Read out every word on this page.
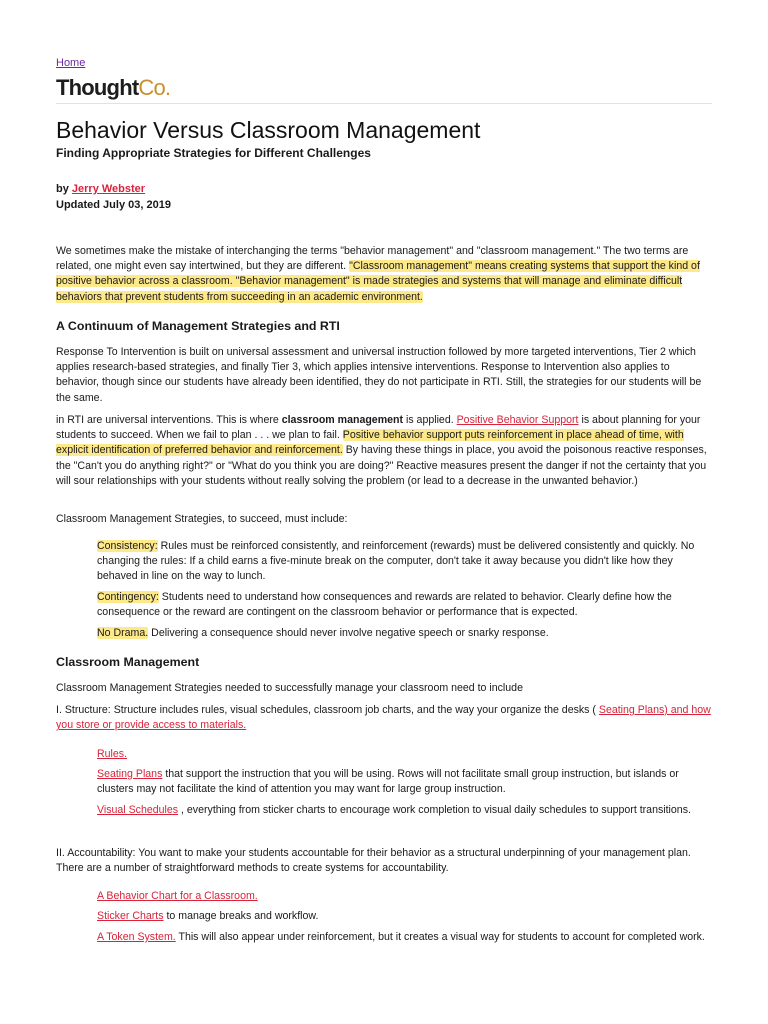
Home
ThoughtCo.
Behavior Versus Classroom Management
Finding Appropriate Strategies for Different Challenges
by Jerry Webster
Updated July 03, 2019
We sometimes make the mistake of interchanging the terms "behavior management" and "classroom management." The two terms are related, one might even say intertwined, but they are different. "Classroom management" means creating systems that support the kind of positive behavior across a classroom. "Behavior management" is made strategies and systems that will manage and eliminate difficult behaviors that prevent students from succeeding in an academic environment.
A Continuum of Management Strategies and RTI
Response To Intervention is built on universal assessment and universal instruction followed by more targeted interventions, Tier 2 which applies research-based strategies, and finally Tier 3, which applies intensive interventions. Response to Intervention also applies to behavior, though since our students have already been identified, they do not participate in RTI. Still, the strategies for our students will be the same.
in RTI are universal interventions. This is where classroom management is applied. Positive Behavior Support is about planning for your students to succeed. When we fail to plan . . . we plan to fail. Positive behavior support puts reinforcement in place ahead of time, with explicit identification of preferred behavior and reinforcement. By having these things in place, you avoid the poisonous reactive responses, the "Can't you do anything right?" or "What do you think you are doing?" Reactive measures present the danger if not the certainty that you will sour relationships with your students without really solving the problem (or lead to a decrease in the unwanted behavior.)
Classroom Management Strategies, to succeed, must include:
Consistency: Rules must be reinforced consistently, and reinforcement (rewards) must be delivered consistently and quickly. No changing the rules: If a child earns a five-minute break on the computer, don't take it away because you didn't like how they behaved in line on the way to lunch.
Contingency: Students need to understand how consequences and rewards are related to behavior. Clearly define how the consequence or the reward are contingent on the classroom behavior or performance that is expected.
No Drama. Delivering a consequence should never involve negative speech or snarky response.
Classroom Management
Classroom Management Strategies needed to successfully manage your classroom need to include
I. Structure: Structure includes rules, visual schedules, classroom job charts, and the way your organize the desks ( Seating Plans) and how you store or provide access to materials.
Rules.
Seating Plans that support the instruction that you will be using. Rows will not facilitate small group instruction, but islands or clusters may not facilitate the kind of attention you may want for large group instruction.
Visual Schedules , everything from sticker charts to encourage work completion to visual daily schedules to support transitions.
II. Accountability: You want to make your students accountable for their behavior as a structural underpinning of your management plan. There are a number of straightforward methods to create systems for accountability.
A Behavior Chart for a Classroom.
Sticker Charts to manage breaks and workflow.
A Token System. This will also appear under reinforcement, but it creates a visual way for students to account for completed work.
